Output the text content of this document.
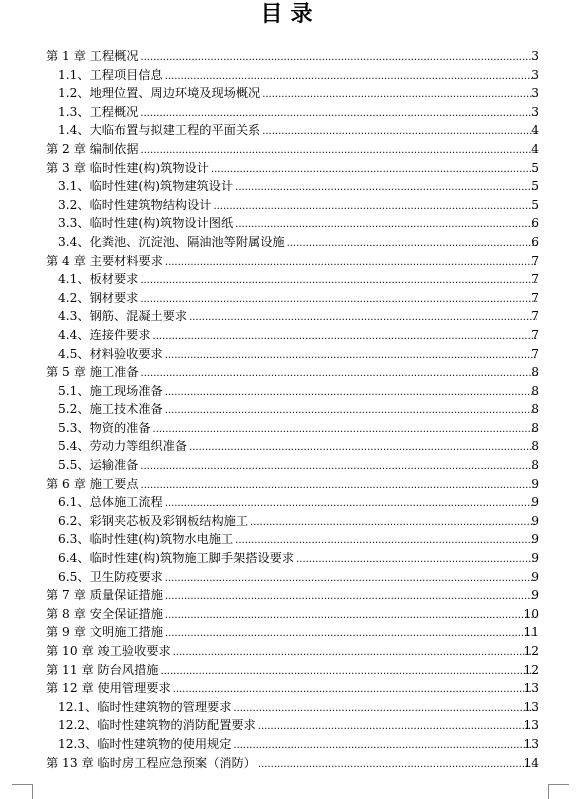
目录
第 1 章 工程概况 .....	3
1.1、工程项目信息 .....	3
1.2、地理位置、周边环境及现场概况 .....	3
1.3、工程概况 .....	3
1.4、大临布置与拟建工程的平面关系 .....	4
第 2 章 编制依据 .....	4
第 3 章 临时性建(构)筑物设计 .....	5
3.1、临时性建(构)筑物建筑设计 .....	5
3.2、临时性建筑物结构设计 .....	5
3.3、临时性建(构)筑物设计图纸 .....	6
3.4、化粪池、沉淀池、隔油池等附属设施 .....	6
第 4 章 主要材料要求 .....	7
4.1、板材要求 .....	7
4.2、钢材要求 .....	7
4.3、钢筋、混凝土要求 .....	7
4.4、连接件要求 .....	7
4.5、材料验收要求 .....	7
第 5 章 施工准备 .....	8
5.1、施工现场准备 .....	8
5.2、施工技术准备 .....	8
5.3、物资的准备 .....	8
5.4、劳动力等组织准备 .....	8
5.5、运输准备 .....	8
第 6 章 施工要点 .....	9
6.1、总体施工流程 .....	9
6.2、彩钢夹芯板及彩钢板结构施工 .....	9
6.3、临时性建(构)筑物水电施工 .....	9
6.4、临时性建(构)筑物施工脚手架搭设要求 .....	9
6.5、卫生防疫要求 .....	9
第 7 章 质量保证措施 .....	9
第 8 章 安全保证措施 .....	10
第 9 章 文明施工措施 .....	11
第 10 章 竣工验收要求 .....	12
第 11 章 防台风措施 .....	12
第 12 章 使用管理要求 .....	13
12.1、临时性建筑物的管理要求 .....	13
12.2、临时性建筑物的消防配置要求 .....	13
12.3、临时性建筑物的使用规定 .....	13
第 13 章 临时房工程应急预案（消防） .....	14
